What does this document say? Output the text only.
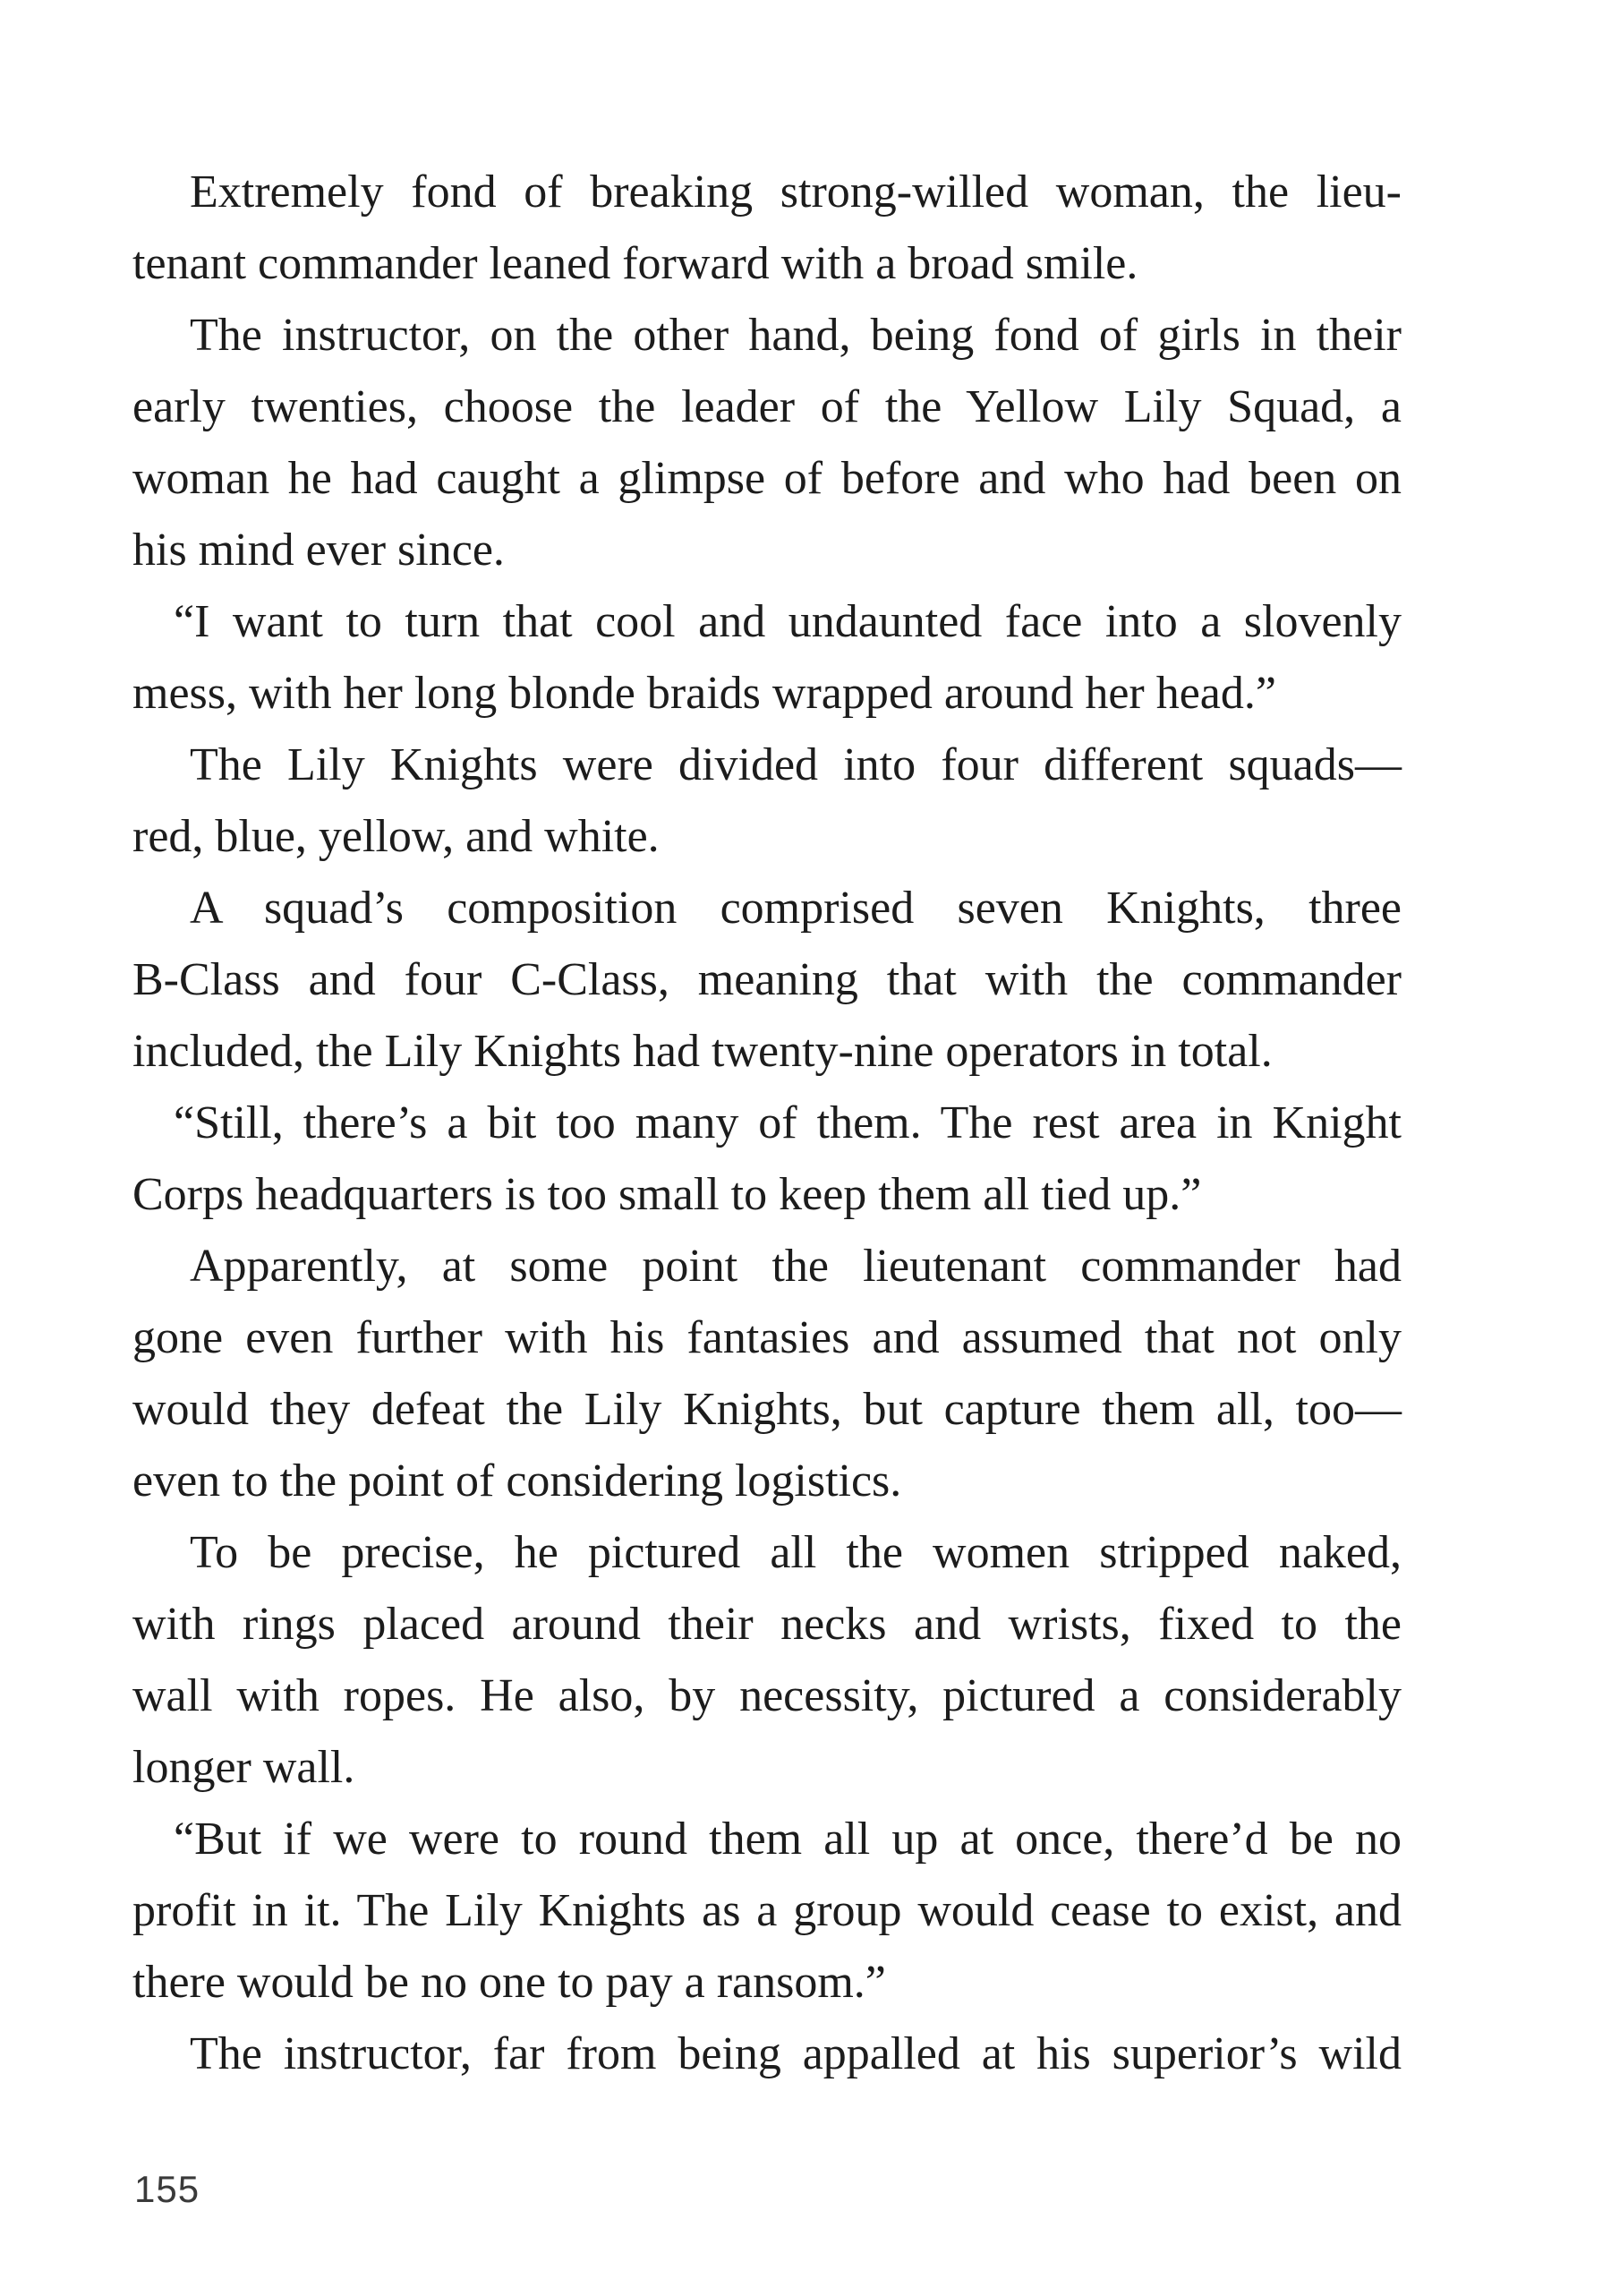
Extremely fond of breaking strong-willed woman, the lieu-
tenant commander leaned forward with a broad smile.
The instructor, on the other hand, being fond of girls in their
early twenties, choose the leader of the Yellow Lily Squad, a
woman he had caught a glimpse of before and who had been on
his mind ever since.
“I want to turn that cool and undaunted face into a slovenly
mess, with her long blonde braids wrapped around her head.”
The Lily Knights were divided into four different squads—
red, blue, yellow, and white.
A squad’s composition comprised seven Knights, three
B-Class and four C-Class, meaning that with the commander
included, the Lily Knights had twenty-nine operators in total.
“Still, there’s a bit too many of them. The rest area in Knight
Corps headquarters is too small to keep them all tied up.”
Apparently, at some point the lieutenant commander had
gone even further with his fantasies and assumed that not only
would they defeat the Lily Knights, but capture them all, too—
even to the point of considering logistics.
To be precise, he pictured all the women stripped naked,
with rings placed around their necks and wrists, fixed to the
wall with ropes. He also, by necessity, pictured a considerably
longer wall.
“But if we were to round them all up at once, there’d be no
profit in it. The Lily Knights as a group would cease to exist, and
there would be no one to pay a ransom.”
The instructor, far from being appalled at his superior’s wild
155
